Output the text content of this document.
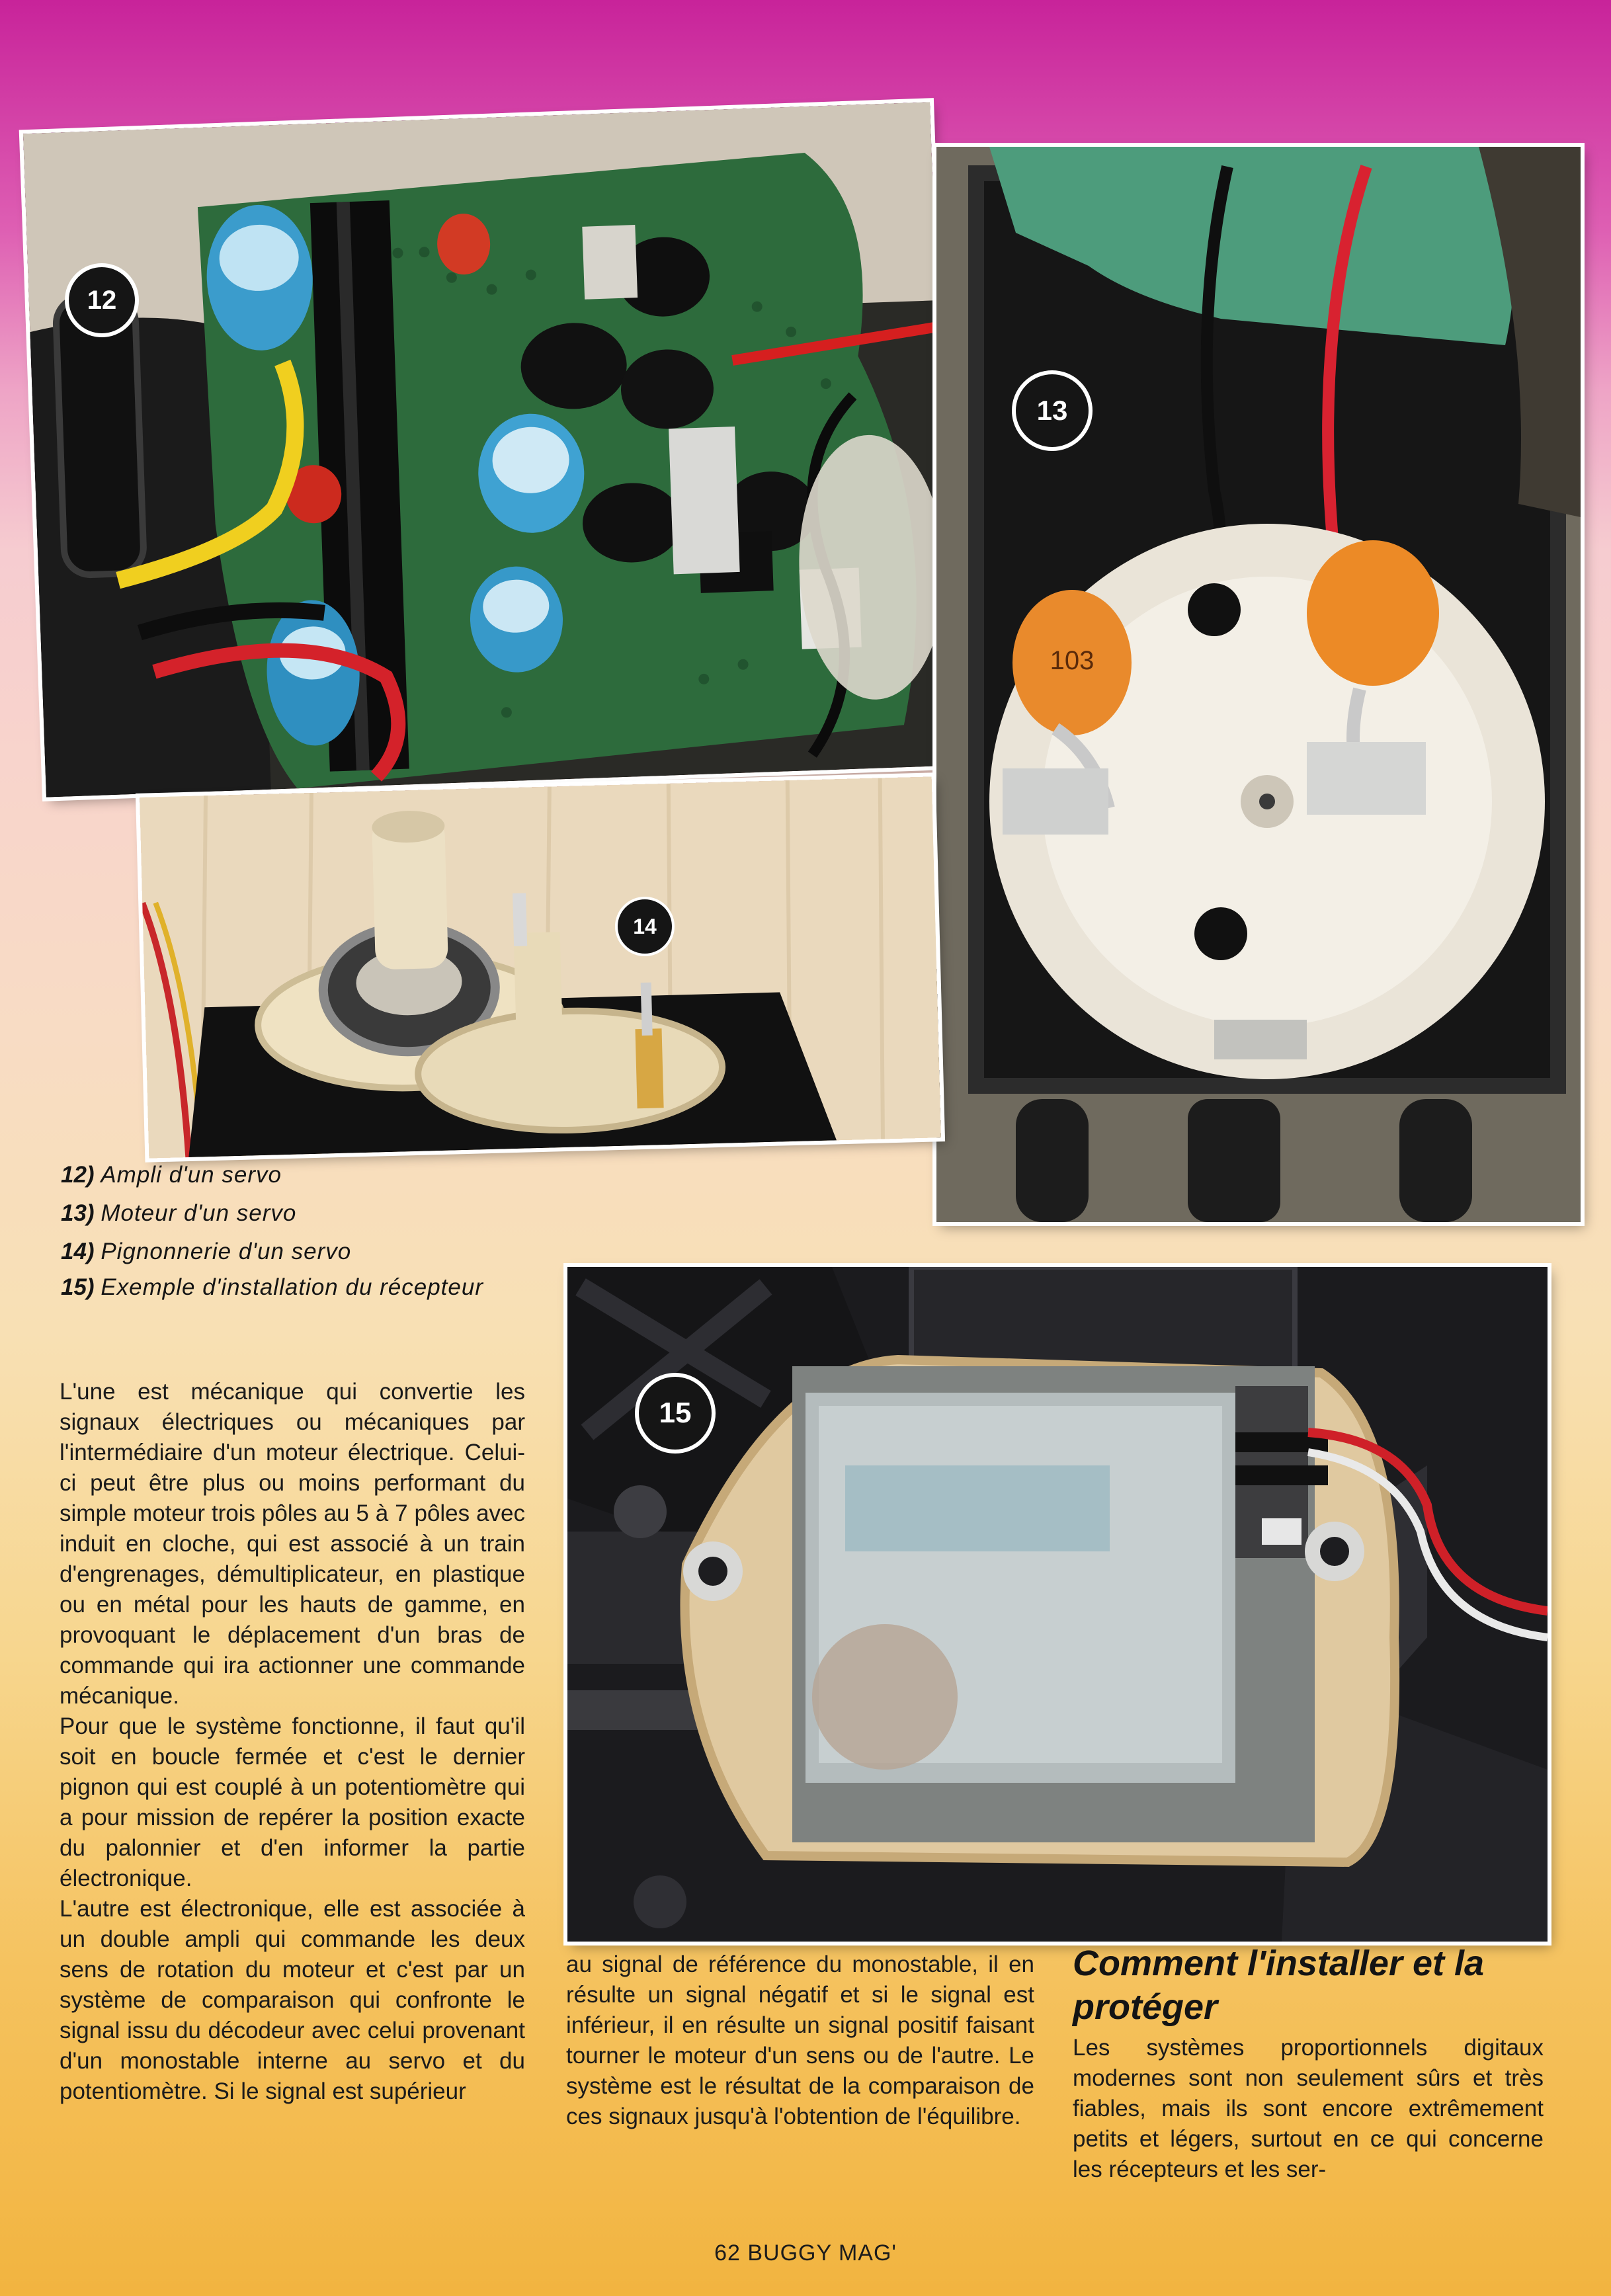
12
103
13
14

12) Ampli d'un servo

13) Moteur d'un servo

14) Pignonnerie d'un servo

15) Exemple d'installation du récepteur

15

L'une est mécanique qui convertie les signaux électriques ou mécaniques par l'intermédiaire d'un moteur électrique. Celui-ci peut être plus ou moins performant du simple moteur trois pôles au 5 à 7 pôles avec induit en cloche, qui est associé à un train d'engrenages, démultiplicateur, en plastique ou en métal pour les hauts de gamme, en provoquant le déplacement d'un bras de commande qui ira actionner une commande mécanique.

Pour que le système fonctionne, il faut qu'il soit en boucle fermée et c'est le dernier pignon qui est couplé à un potentiomètre qui a pour mission de repérer la position exacte du palonnier et d'en informer la partie électronique.

L'autre est électronique, elle est associée à un double ampli qui commande les deux sens de rotation du moteur et c'est par un système de comparaison qui confronte le signal issu du décodeur avec celui provenant d'un monostable interne au servo et du potentiomètre. Si le signal est supérieur

au signal de référence du monostable, il en résulte un signal négatif et si le signal est inférieur, il en résulte un signal positif faisant tourner le moteur d'un sens ou de l'autre. Le système est le résultat de la comparaison de ces signaux jusqu'à l'obtention de l'équilibre.

Comment l'installer et la protéger

Les systèmes proportionnels digitaux modernes sont non seulement sûrs et très fiables, mais ils sont encore extrêmement petits et légers, surtout en ce qui concerne les récepteurs et les ser-

62 BUGGY MAG'
